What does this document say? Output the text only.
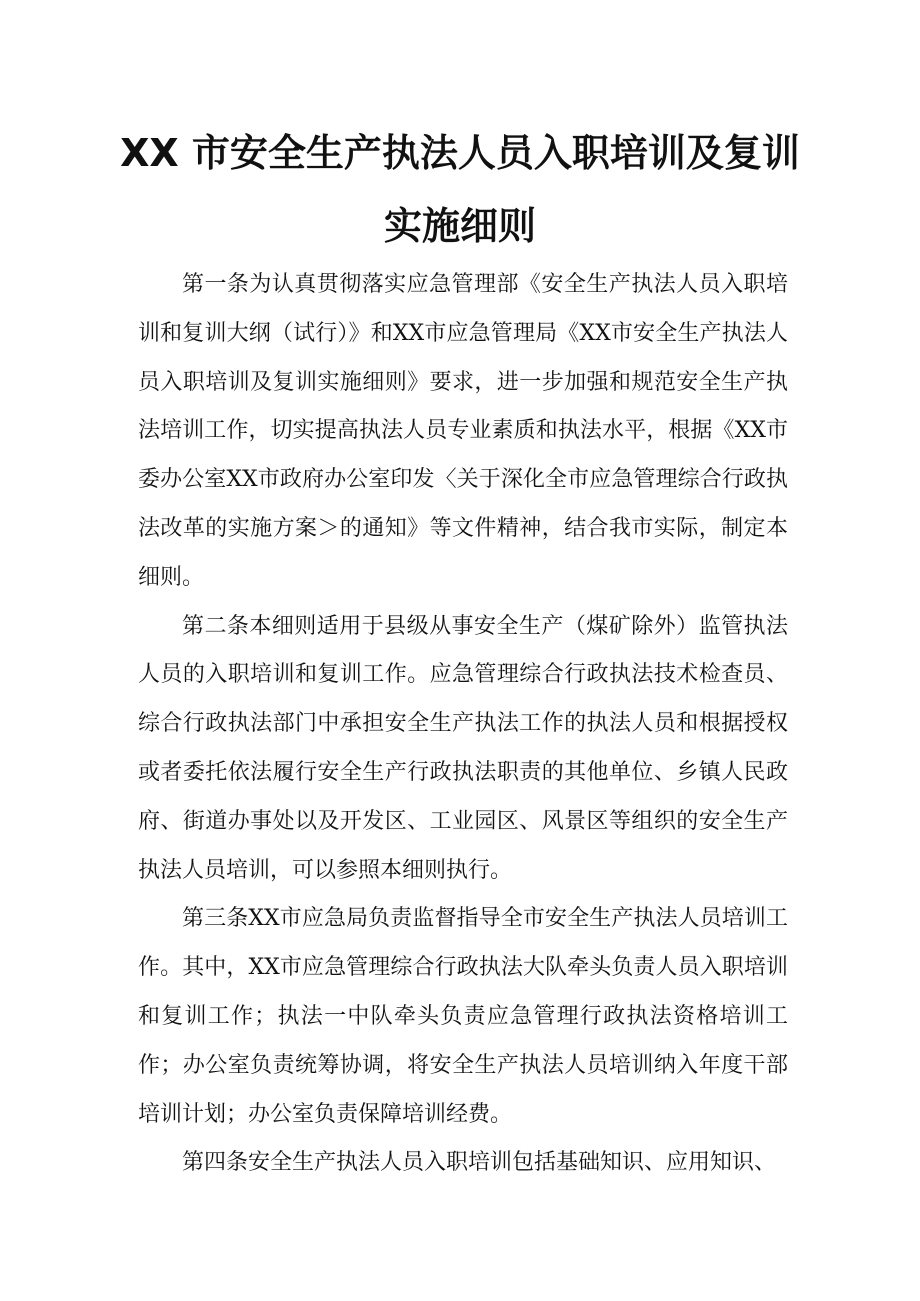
XX 市安全生产执法人员入职培训及复训
实施细则

第一条为认真贯彻落实应急管理部《安全生产执法人员入职培训和复训大纲（试行）》和XX市应急管理局《XX市安全生产执法人员入职培训及复训实施细则》要求，进一步加强和规范安全生产执法培训工作，切实提高执法人员专业素质和执法水平，根据《XX市委办公室XX市政府办公室印发〈关于深化全市应急管理综合行政执法改革的实施方案＞的通知》等文件精神，结合我市实际，制定本细则。

第二条本细则适用于县级从事安全生产（煤矿除外）监管执法人员的入职培训和复训工作。应急管理综合行政执法技术检查员、综合行政执法部门中承担安全生产执法工作的执法人员和根据授权或者委托依法履行安全生产行政执法职责的其他单位、乡镇人民政府、街道办事处以及开发区、工业园区、风景区等组织的安全生产执法人员培训，可以参照本细则执行。

第三条XX市应急局负责监督指导全市安全生产执法人员培训工作。其中，XX市应急管理综合行政执法大队牵头负责人员入职培训和复训工作；执法一中队牵头负责应急管理行政执法资格培训工作；办公室负责统筹协调，将安全生产执法人员培训纳入年度干部培训计划；办公室负责保障培训经费。

第四条安全生产执法人员入职培训包括基础知识、应用知识、
